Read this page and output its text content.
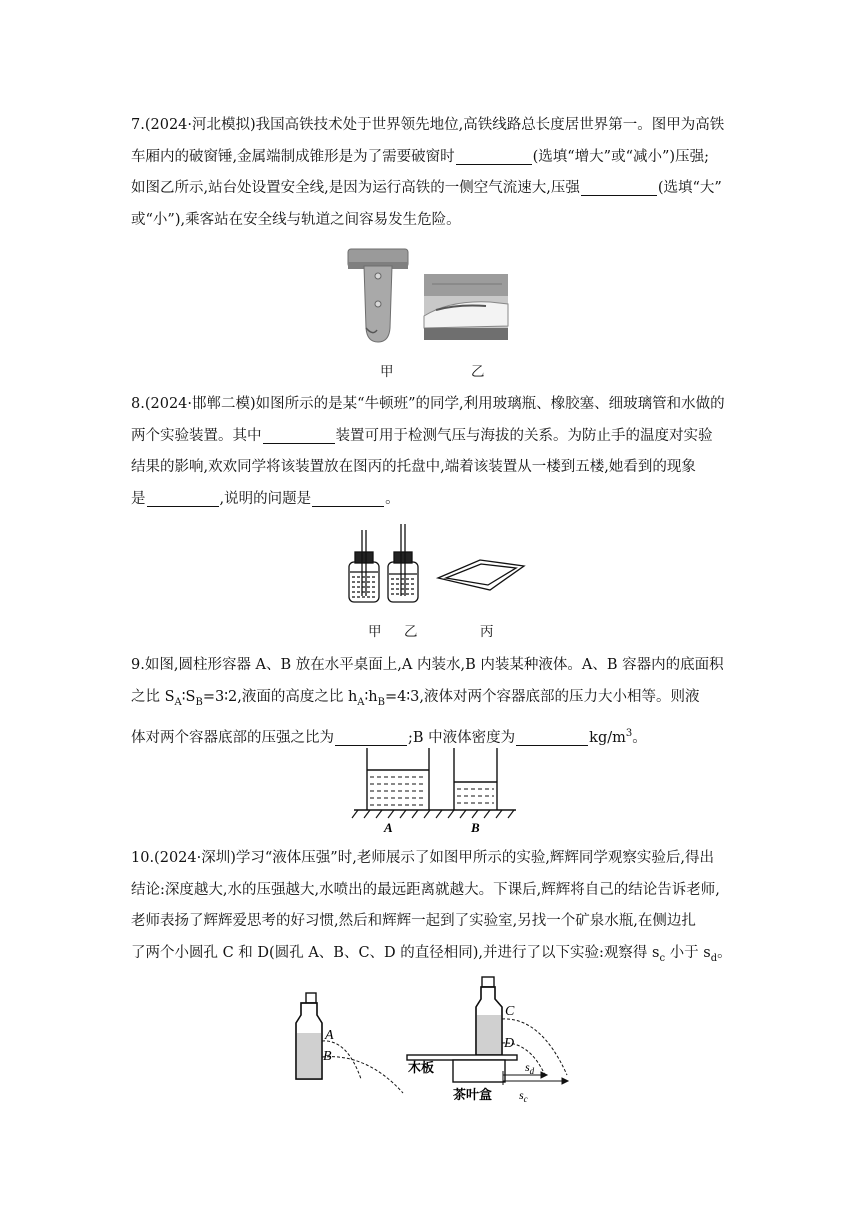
7.(2024·河北模拟)我国高铁技术处于世界领先地位,高铁线路总长度居世界第一。图甲为高铁

车厢内的破窗锤,金属端制成锥形是为了需要破窗时	(选填“增大”或“减小”)压强;

如图乙所示,站台处设置安全线,是因为运行高铁的一侧空气流速大,压强	(选填“大”

或“小”),乘客站在安全线与轨道之间容易发生危险。

甲	乙

8.(2024·邯郸二模)如图所示的是某“牛顿班”的同学,利用玻璃瓶、橡胶塞、细玻璃管和水做的

两个实验装置。其中	装置可用于检测气压与海拔的关系。为防止手的温度对实验

结果的影响,欢欢同学将该装置放在图丙的托盘中,端着该装置从一楼到五楼,她看到的现象

是	,说明的问题是	。

甲 乙	丙

9.如图,圆柱形容器 A、B 放在水平桌面上,A 内装水,B 内装某种液体。A、B 容器内的底面积

之比 $S_A∶S_B=3∶2$,液面的高度之比 $h_A∶h_B=4∶3$,液体对两个容器底部的压力大小相等。则液

体对两个容器底部的压强之比为	;B 中液体密度为	$kg/m^3$。

A	B

10.(2024·深圳)学习“液体压强”时,老师展示了如图甲所示的实验,辉辉同学观察实验后,得出

结论:深度越大,水的压强越大,水喷出的最远距离就越大。下课后,辉辉将自己的结论告诉老师,

老师表扬了辉辉爱思考的好习惯,然后和辉辉一起到了实验室,另找一个矿泉水瓶,在侧边扎

了两个小圆孔 C 和 D(圆孔 A、B、C、D 的直径相同),并进行了以下实验:观察得 $s_c$ 小于 $s_d$。

A
B
C
D
木板
茶叶盒
$s_d$
$s_c$
